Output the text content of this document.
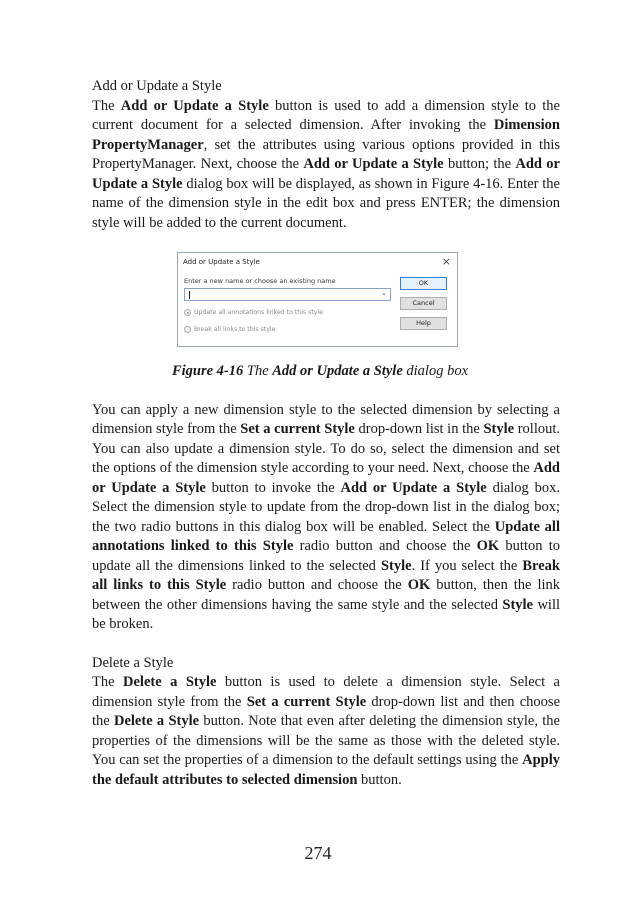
Add or Update a Style

The Add or Update a Style button is used to add a dimension style to the current document for a selected dimension. After invoking the Dimension PropertyManager, set the attributes using various options provided in this PropertyManager. Next, choose the Add or Update a Style button; the Add or Update a Style dialog box will be displayed, as shown in Figure 4-16. Enter the name of the dimension style in the edit box and press ENTER; the dimension style will be added to the current document.

Add or Update a Style	×
Enter a new name or choose an existing name
⌄
Update all annotations linked to this style
Break all links to this style
OK
Cancel
Help

Figure 4-16 The Add or Update a Style dialog box

You can apply a new dimension style to the selected dimension by selecting a dimension style from the Set a current Style drop-down list in the Style rollout. You can also update a dimension style. To do so, select the dimension and set the options of the dimension style according to your need. Next, choose the Add or Update a Style button to invoke the Add or Update a Style dialog box. Select the dimension style to update from the drop-down list in the dialog box; the two radio buttons in this dialog box will be enabled. Select the Update all annotations linked to this Style radio button and choose the OK button to update all the dimensions linked to the selected Style. If you select the Break all links to this Style radio button and choose the OK button, then the link between the other dimensions having the same style and the selected Style will be broken.

Delete a Style

The Delete a Style button is used to delete a dimension style. Select a dimension style from the Set a current Style drop-down list and then choose the Delete a Style button. Note that even after deleting the dimension style, the properties of the dimensions will be the same as those with the deleted style. You can set the properties of a dimension to the default settings using the Apply the default attributes to selected dimension button.

274
